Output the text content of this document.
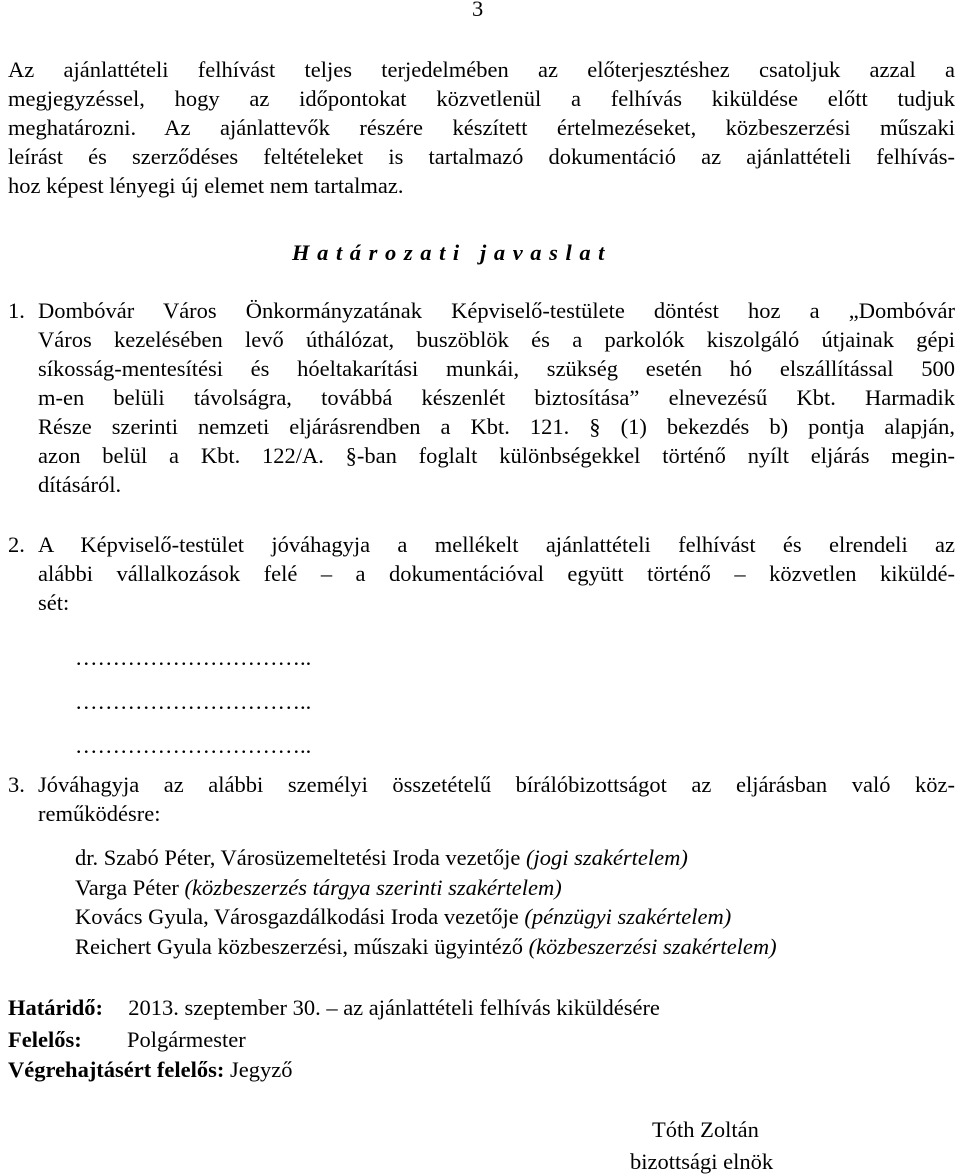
3
Az ajánlattételi felhívást teljes terjedelmében az előterjesztéshez csatoljuk azzal a
megjegyzéssel, hogy az időpontokat közvetlenül a felhívás kiküldése előtt tudjuk
meghatározni. Az ajánlattevők részére készített értelmezéseket, közbeszerzési műszaki
leírást és szerződéses feltételeket is tartalmazó dokumentáció az ajánlattételi felhívás-
hoz képest lényegi új elemet nem tartalmaz.
Határozati javaslat
1. Dombóvár Város Önkormányzatának Képviselő-testülete döntést hoz a „Dombóvár
Város kezelésében levő úthálózat, buszöblök és a parkolók kiszolgáló útjainak gépi
síkosság-mentesítési és hóeltakarítási munkái, szükség esetén hó elszállítással 500
m-en belüli távolságra, továbbá készenlét biztosítása” elnevezésű Kbt. Harmadik
Része szerinti nemzeti eljárásrendben a Kbt. 121. § (1) bekezdés b) pontja alapján,
azon belül a Kbt. 122/A. §-ban foglalt különbségekkel történő nyílt eljárás megin-
dításáról.
2. A Képviselő-testület jóváhagyja a mellékelt ajánlattételi felhívást és elrendeli az
alábbi vállalkozások felé – a dokumentációval együtt történő – közvetlen kiküldé-
sét:
…………………………..
…………………………..
…………………………..
3. Jóváhagyja az alábbi személyi összetételű bírálóbizottságot az eljárásban való köz-
reműködésre:
dr. Szabó Péter, Városüzemeltetési Iroda vezetője (jogi szakértelem)
Varga Péter (közbeszerzés tárgya szerinti szakértelem)
Kovács Gyula, Városgazdálkodási Iroda vezetője (pénzügyi szakértelem)
Reichert Gyula közbeszerzési, műszaki ügyintéző (közbeszerzési szakértelem)
Határidő: 2013. szeptember 30. – az ajánlattételi felhívás kiküldésére
Felelős: Polgármester
Végrehajtásért felelős: Jegyző
Tóth Zoltán
bizottsági elnök
